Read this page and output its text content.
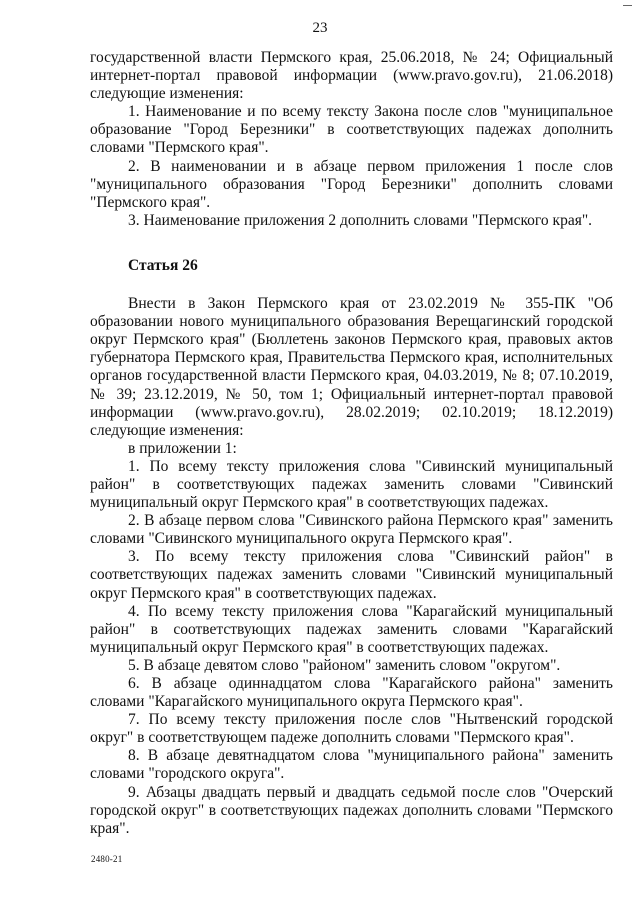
23

государственной власти Пермского края, 25.06.2018, № 24; Официальный интернет-портал правовой информации (www.pravo.gov.ru), 21.06.2018) следующие изменения:

1. Наименование и по всему тексту Закона после слов "муниципальное образование "Город Березники" в соответствующих падежах дополнить словами "Пермского края".

2. В наименовании и в абзаце первом приложения 1 после слов "муниципального образования "Город Березники" дополнить словами "Пермского края".

3. Наименование приложения 2 дополнить словами "Пермского края".

Статья 26

Внести в Закон Пермского края от 23.02.2019 № 355-ПК "Об образовании нового муниципального образования Верещагинский городской округ Пермского края" (Бюллетень законов Пермского края, правовых актов губернатора Пермского края, Правительства Пермского края, исполнительных органов государственной власти Пермского края, 04.03.2019, № 8; 07.10.2019, № 39; 23.12.2019, № 50, том 1; Официальный интернет-портал правовой информации (www.pravo.gov.ru), 28.02.2019; 02.10.2019; 18.12.2019) следующие изменения:

в приложении 1:

1. По всему тексту приложения слова "Сивинский муниципальный район" в соответствующих падежах заменить словами "Сивинский муниципальный округ Пермского края" в соответствующих падежах.

2. В абзаце первом слова "Сивинского района Пермского края" заменить словами "Сивинского муниципального округа Пермского края".

3. По всему тексту приложения слова "Сивинский район" в соответствующих падежах заменить словами "Сивинский муниципальный округ Пермского края" в соответствующих падежах.

4. По всему тексту приложения слова "Карагайский муниципальный район" в соответствующих падежах заменить словами "Карагайский муниципальный округ Пермского края" в соответствующих падежах.

5. В абзаце девятом слово "районом" заменить словом "округом".

6. В абзаце одиннадцатом слова "Карагайского района" заменить словами "Карагайского муниципального округа Пермского края".

7. По всему тексту приложения после слов "Нытвенский городской округ" в соответствующем падеже дополнить словами "Пермского края".

8. В абзаце девятнадцатом слова "муниципального района" заменить словами "городского округа".

9. Абзацы двадцать первый и двадцать седьмой после слов "Очерский городской округ" в соответствующих падежах дополнить словами "Пермского края".

2480-21
